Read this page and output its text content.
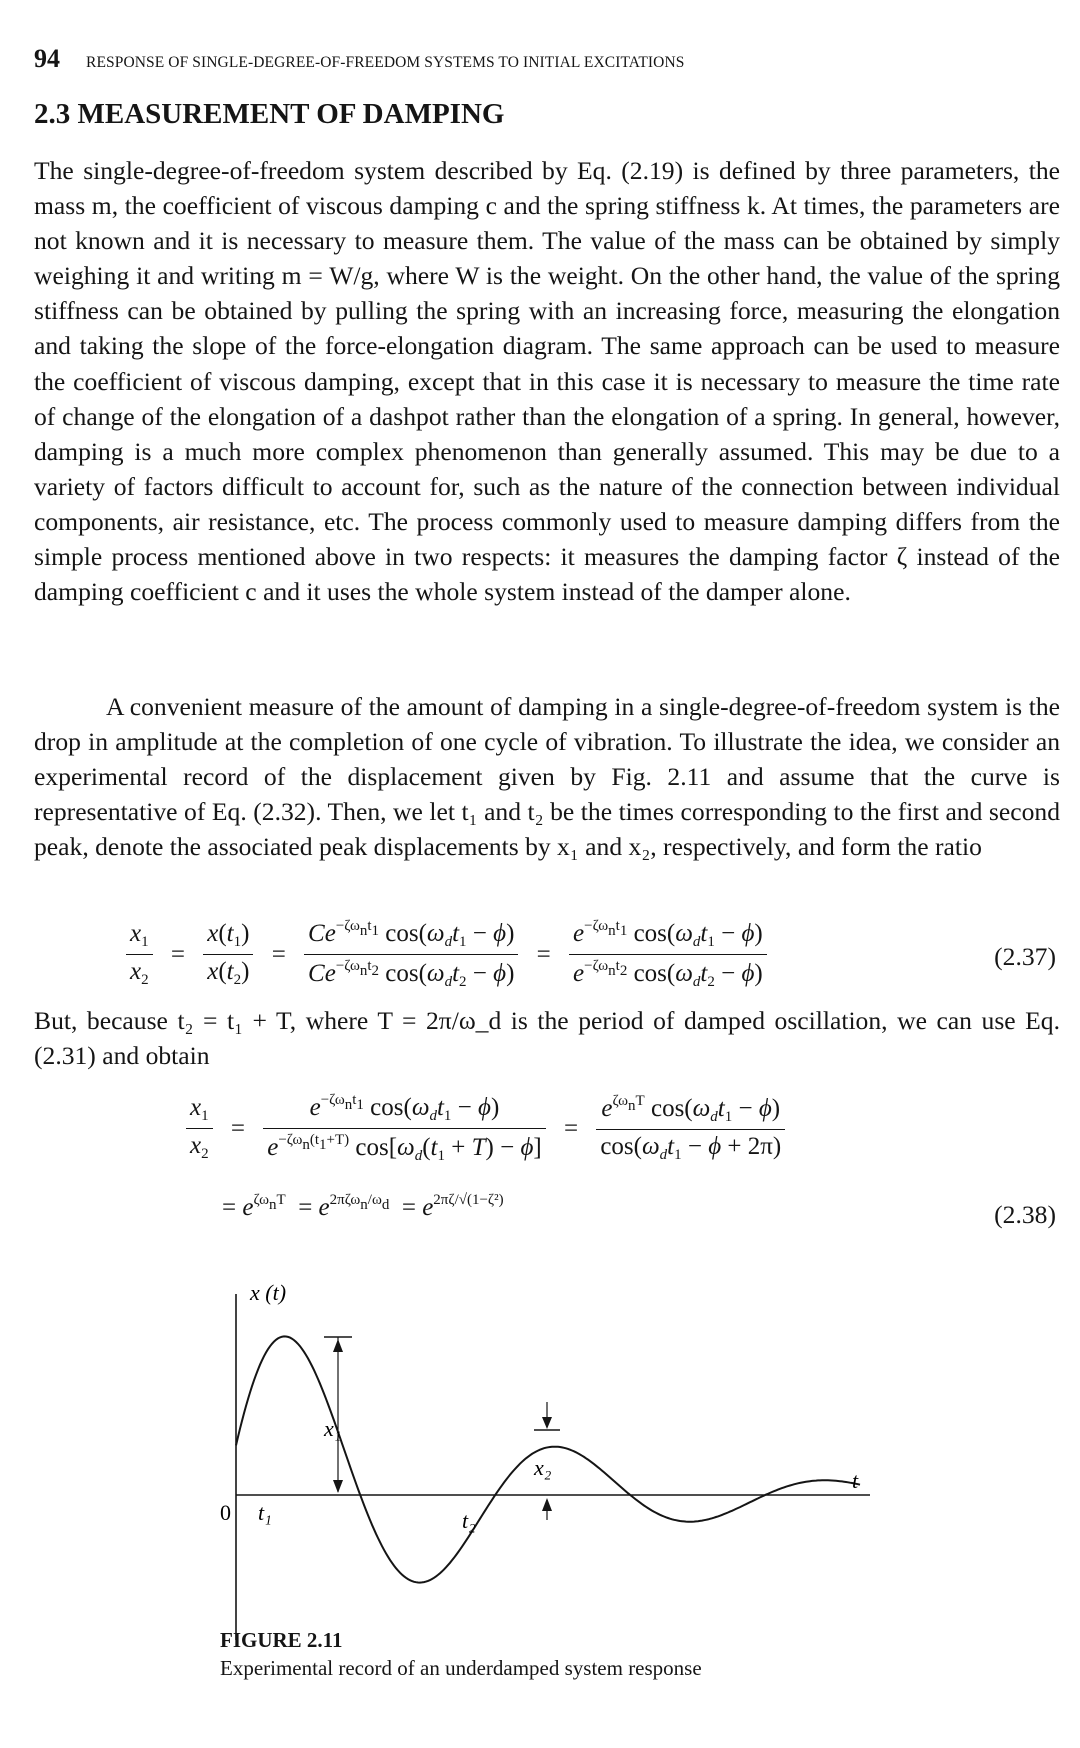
94 RESPONSE OF SINGLE-DEGREE-OF-FREEDOM SYSTEMS TO INITIAL EXCITATIONS
2.3 MEASUREMENT OF DAMPING

The single-degree-of-freedom system described by Eq. (2.19) is defined by three parameters, the mass m, the coefficient of viscous damping c and the spring stiffness k. At times, the parameters are not known and it is necessary to measure them. The value of the mass can be obtained by simply weighing it and writing m = W/g, where W is the weight. On the other hand, the value of the spring stiffness can be obtained by pulling the spring with an increasing force, measuring the elongation and taking the slope of the force-elongation diagram. The same approach can be used to measure the coefficient of viscous damping, except that in this case it is necessary to measure the time rate of change of the elongation of a dashpot rather than the elongation of a spring. In general, however, damping is a much more complex phenomenon than generally assumed. This may be due to a variety of factors difficult to account for, such as the nature of the connection between individual components, air resistance, etc. The process commonly used to measure damping differs from the simple process mentioned above in two respects: it measures the damping factor ζ instead of the damping coefficient c and it uses the whole system instead of the damper alone.

A convenient measure of the amount of damping in a single-degree-of-freedom system is the drop in amplitude at the completion of one cycle of vibration. To illustrate the idea, we consider an experimental record of the displacement given by Fig. 2.11 and assume that the curve is representative of Eq. (2.32). Then, we let t₁ and t₂ be the times corresponding to the first and second peak, denote the associated peak displacements by x₁ and x₂, respectively, and form the ratio

$\frac{x_1}{x_2} = \frac{x(t_1)}{x(t_2)} = \frac{Ce^{-\zeta\omega_nt_1} \cos(\omega_dt_1 - \phi)}{Ce^{-\zeta\omega_nt_2} \cos(\omega_dt_2 - \phi)} = \frac{e^{-\zeta\omega_nt_1} \cos(\omega_dt_1 - \phi)}{e^{-\zeta\omega_nt_2} \cos(\omega_dt_2 - \phi)}$	(2.37)

But, because t₂ = t₁ + T, where T = 2π/ω_d is the period of damped oscillation, we can use Eq. (2.31) and obtain

$\frac{x_1}{x_2} = \frac{e^{-\zeta\omega_nt_1} \cos(\omega_dt_1 - \phi)}{e^{-\zeta\omega_n(t_1+T)} \cos[\omega_d(t_1 + T) - \phi]} = \frac{e^{\zeta\omega_nT} \cos(\omega_dt_1 - \phi)}{\cos(\omega_dt_1 - \phi + 2\pi)}$
= $e^{\zeta\omega_nT} = e^{2\pi\zeta\omega_n/\omega_d} = e^{2\pi\zeta/√(1-\zeta^2)}$	(2.38)
x₁
x₂
x (t)
t
0 t₁	t₂
FIGURE 2.11
Experimental record of an underdamped system response
